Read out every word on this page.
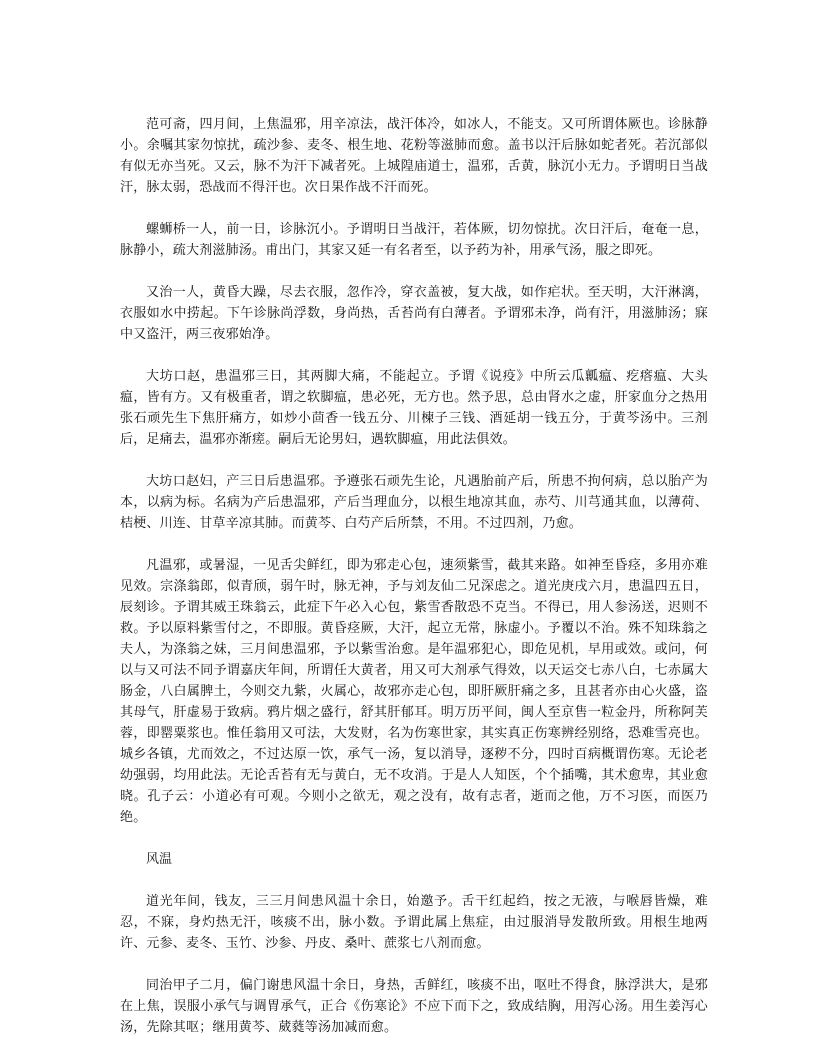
范可斋，四月间，上焦温邪，用辛凉法，战汗体冷，如冰人，不能支。又可所谓体厥也。诊脉静小。余嘱其家勿惊扰，疏沙参、麦冬、根生地、花粉等滋肺而愈。盖书以汗后脉如蛇者死。若沉部似有似无亦当死。又云，脉不为汗下减者死。上城隍庙道士，温邪，舌黄，脉沉小无力。予谓明日当战汗，脉太弱，恐战而不得汗也。次日果作战不汗而死。

螺蛳桥一人，前一日，诊脉沉小。予谓明日当战汗，若体厥，切勿惊扰。次日汗后，奄奄一息，脉静小，疏大剂滋肺汤。甫出门，其家又延一有名者至，以予药为补，用承气汤，服之即死。

又治一人，黄昏大躁，尽去衣服，忽作冷，穿衣盖被，复大战，如作疟状。至天明，大汗淋漓，衣服如水中捞起。下午诊脉尚浮数，身尚热，舌苔尚有白薄者。予谓邪未净，尚有汗，用滋肺汤；寐中又盗汗，两三夜邪始净。

大坊口赵，患温邪三日，其两脚大痛，不能起立。予谓《说疫》中所云瓜瓤瘟、疙瘩瘟、大头瘟，皆有方。又有极重者，谓之软脚瘟，患必死，无方也。然予思，总由肾水之虚，肝家血分之热用张石顽先生下焦肝痛方，如炒小茴香一钱五分、川楝子三钱、酒延胡一钱五分，于黄芩汤中。三剂后，足痛去，温邪亦渐瘥。嗣后无论男妇，遇软脚瘟，用此法俱效。

大坊口赵妇，产三日后患温邪。予遵张石顽先生论，凡遇胎前产后，所患不拘何病，总以胎产为本，以病为标。名病为产后患温邪，产后当理血分，以根生地凉其血，赤芍、川芎通其血，以薄荷、桔梗、川连、甘草辛凉其肺。而黄芩、白芍产后所禁，不用。不过四剂，乃愈。

凡温邪，或暑湿，一见舌尖鲜红，即为邪走心包，速须紫雪，截其来路。如神至昏痉，多用亦难见效。宗涤翁郎，似青颀，弱午时，脉无神，予与刘友仙二兄深虑之。道光庚戌六月，患温四五日，辰刻诊。予谓其威王珠翁云，此症下午必入心包，紫雪香散恐不克当。不得已，用人参汤送，迟则不救。予以原料紫雪付之，不即服。黄昏痉厥，大汗，起立无常，脉虚小。予覆以不治。殊不知珠翁之夫人，为涤翁之妹，三月间患温邪，予以紫雪治愈。是年温邪犯心，即危见机，早用或效。或问，何以与又可法不同予谓嘉庆年间，所谓任大黄者，用又可大剂承气得效，以天运交七赤八白，七赤属大肠金，八白属脾土，今则交九紫，火属心，故邪亦走心包，即肝厥肝痛之多，且甚者亦由心火盛，盗其母气，肝虚易于致病。鸦片烟之盛行，舒其肝郁耳。明万历平间，闽人至京售一粒金丹，所称阿芙蓉，即罂粟浆也。惟任翁用又可法，大发财，名为伤寒世家，其实真正伤寒辨经别络，恐难雪亮也。城乡各镇，尤而效之，不过达原一饮，承气一汤，复以消导，逐秽不分，四时百病概谓伤寒。无论老幼强弱，均用此法。无论舌苔有无与黄白，无不攻消。于是人人知医，个个插嘴，其术愈卑，其业愈晓。孔子云：小道必有可观。今则小之欲无，观之没有，故有志者，逝而之他，万不习医，而医乃绝。

风温

道光年间，钱友，三三月间患风温十余日，始邀予。舌干红起绉，按之无液，与喉唇皆燥，难忍，不寐，身灼热无汗，咳痰不出，脉小数。予谓此属上焦症，由过服消导发散所致。用根生地两许、元参、麦冬、玉竹、沙参、丹皮、桑叶、蔗浆七八剂而愈。

同治甲子二月，偏门谢患风温十余日，身热，舌鲜红，咳痰不出，呕吐不得食，脉浮洪大，是邪在上焦，误服小承气与调胃承气，正合《伤寒论》不应下而下之，致成结胸，用泻心汤。用生姜泻心汤，先除其呕；继用黄芩、葳蕤等汤加减而愈。
